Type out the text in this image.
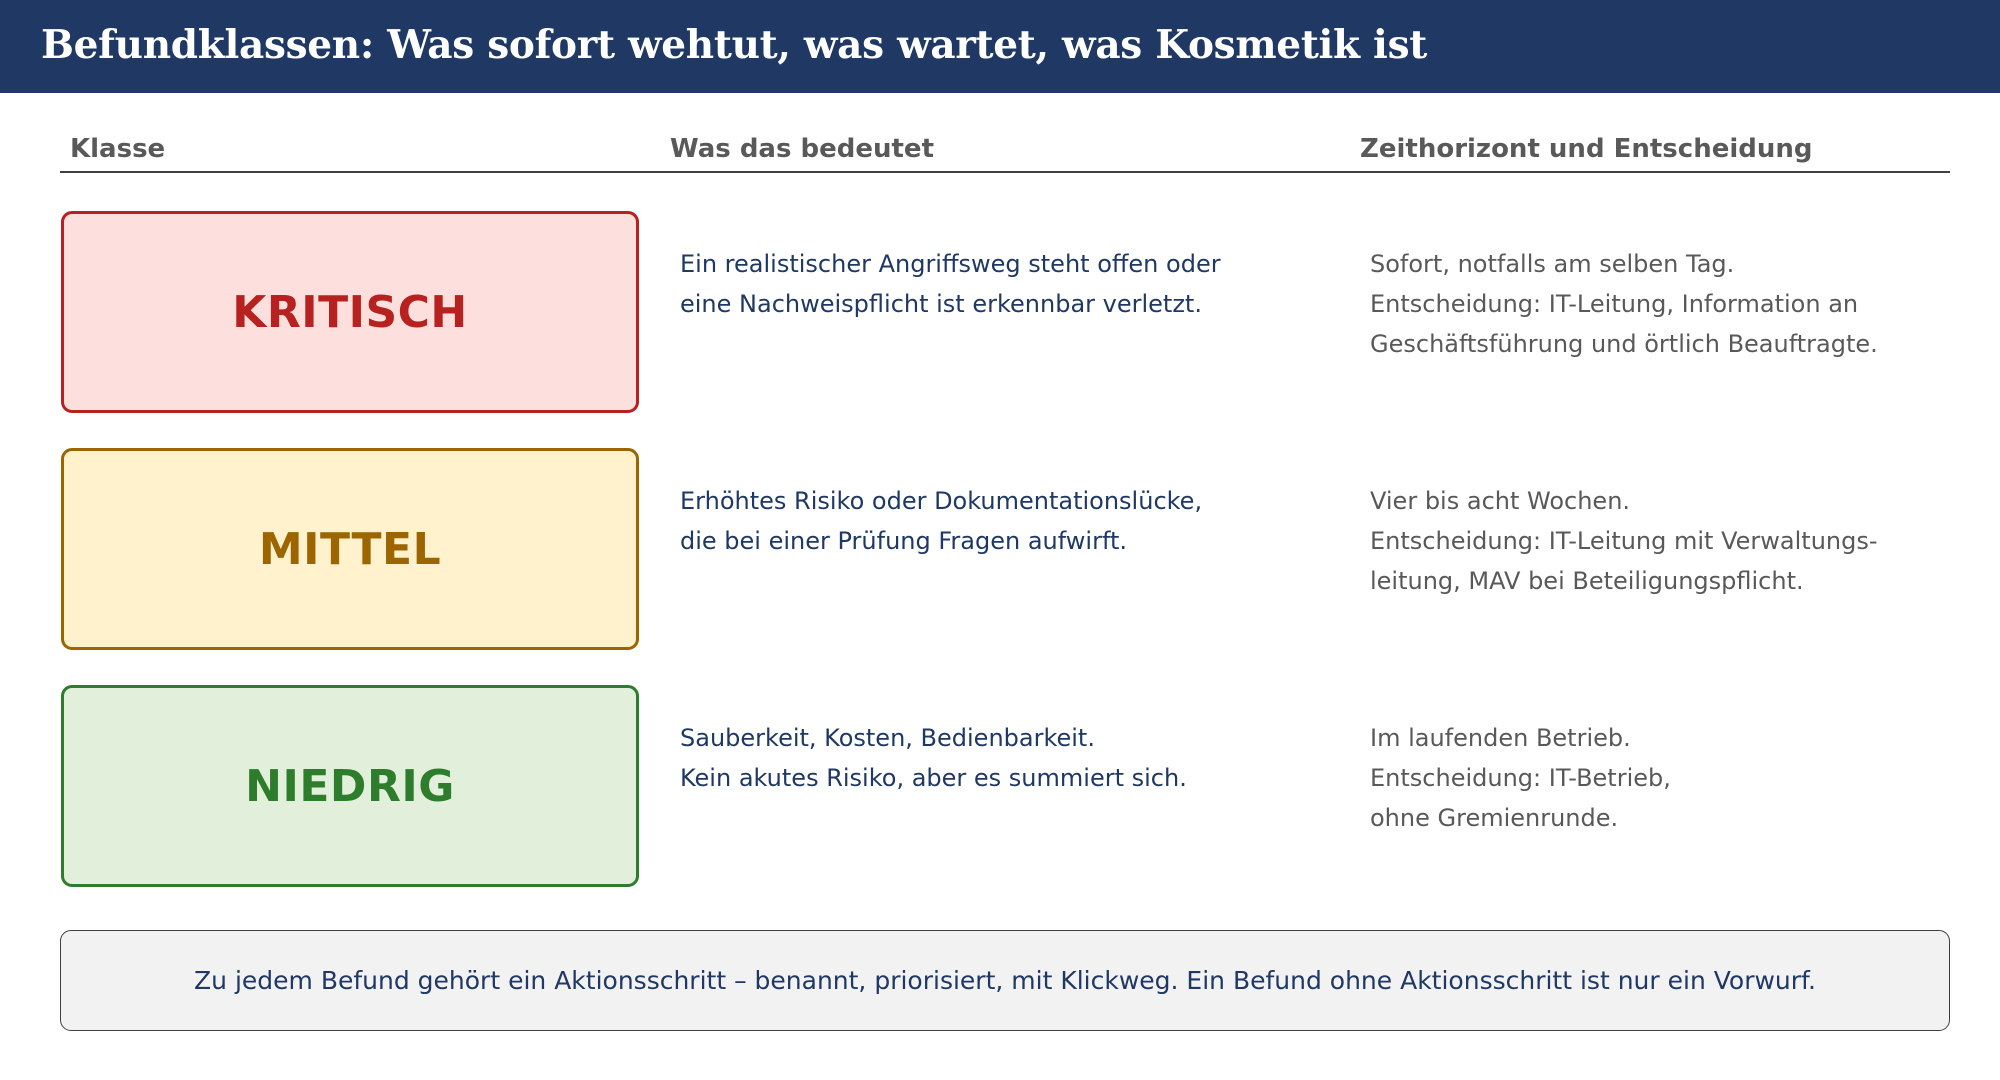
Befundklassen: Was sofort wehtut, was wartet, was Kosmetik ist
Klasse	Was das bedeutet	Zeithorizont und Entscheidung
KRITISCH
Ein realistischer Angriffsweg steht offen oder
eine Nachweispflicht ist erkennbar verletzt.
Sofort, notfalls am selben Tag.
Entscheidung: IT-Leitung, Information an
Geschäftsführung und örtlich Beauftragte.
MITTEL
Erhöhtes Risiko oder Dokumentationslücke,
die bei einer Prüfung Fragen aufwirft.
Vier bis acht Wochen.
Entscheidung: IT-Leitung mit Verwaltungs-
leitung, MAV bei Beteiligungspflicht.
NIEDRIG
Sauberkeit, Kosten, Bedienbarkeit.
Kein akutes Risiko, aber es summiert sich.
Im laufenden Betrieb.
Entscheidung: IT-Betrieb,
ohne Gremienrunde.
Zu jedem Befund gehört ein Aktionsschritt – benannt, priorisiert, mit Klickweg. Ein Befund ohne Aktionsschritt ist nur ein Vorwurf.
